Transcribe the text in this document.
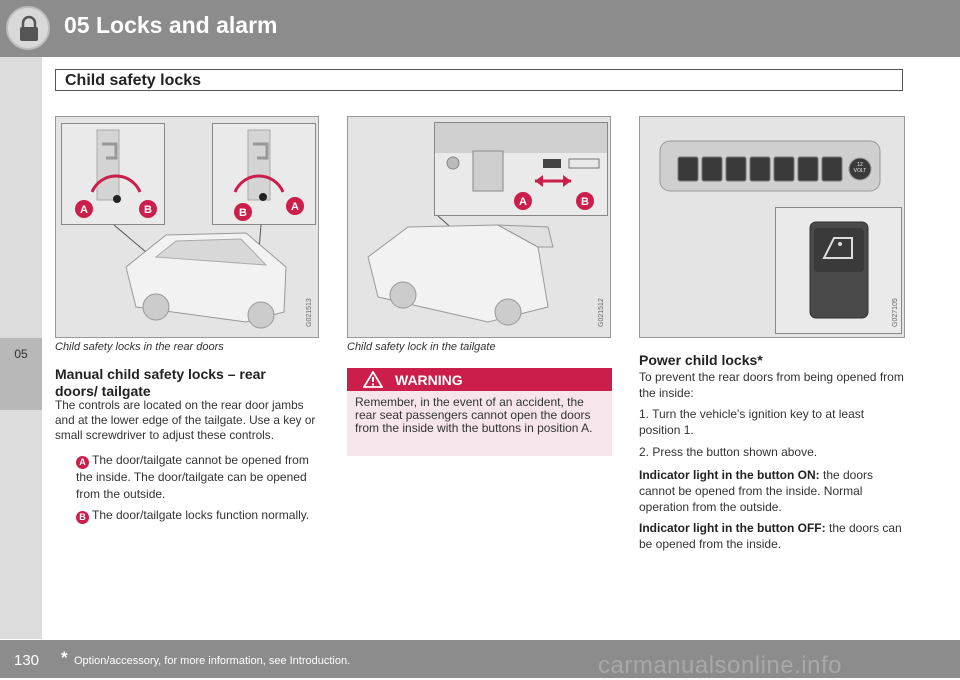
05 Locks and alarm
Child safety locks
05
A	B	B	A
G021513
Child safety locks in the rear doors
A	B
G021512
Child safety lock in the tailgate
12 VOLT
G027105
Manual child safety locks – rear doors/ tailgate
The controls are located on the rear door jambs and at the lower edge of the tailgate. Use a key or small screwdriver to adjust these controls.
A The door/tailgate cannot be opened from the inside. The door/tailgate can be opened from the outside.
B The door/tailgate locks function normally.
WARNING
Remember, in the event of an accident, the rear seat passengers cannot open the doors from the inside with the buttons in position A.
Power child locks*
To prevent the rear doors from being opened from the inside:
1. Turn the vehicle's ignition key to at least position 1.
2. Press the button shown above.
Indicator light in the button ON: the doors cannot be opened from the inside. Normal operation from the outside.
Indicator light in the button OFF: the doors can be opened from the inside.
130 * Option/accessory, for more information, see Introduction.	carmanualsonline.info
